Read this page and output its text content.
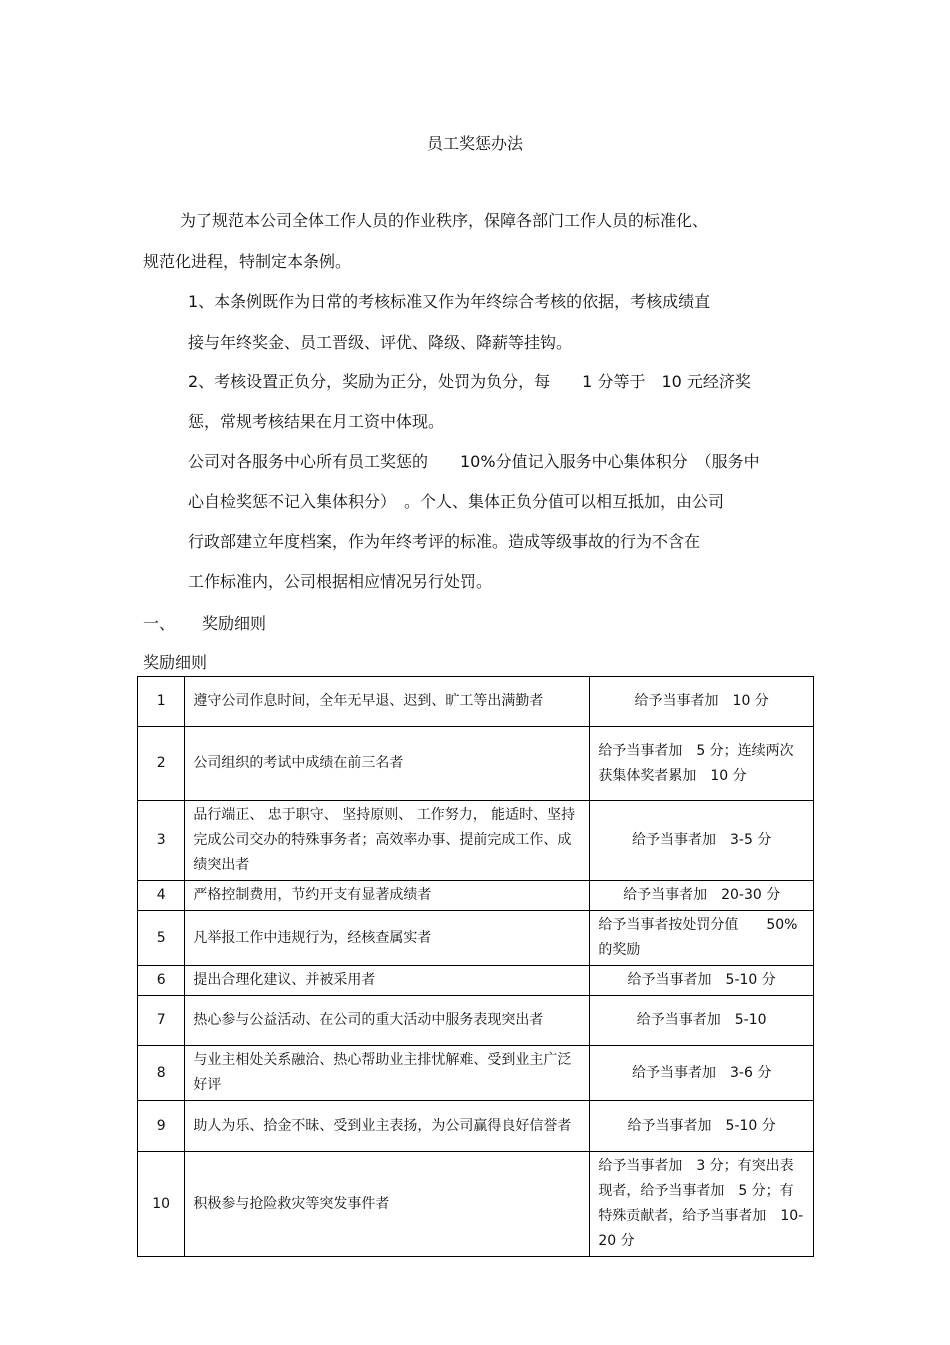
员工奖惩办法
为了规范本公司全体工作人员的作业秩序，保障各部门工作人员的标准化、
规范化进程，特制定本条例。
1、本条例既作为日常的考核标准又作为年终综合考核的依据，考核成绩直
接与年终奖金、员工晋级、评优、降级、降薪等挂钩。
2、考核设置正负分，奖励为正分，处罚为负分，每　　1 分等于　10 元经济奖
惩，常规考核结果在月工资中体现。
公司对各服务中心所有员工奖惩的　　10%分值记入服务中心集体积分　（服务中
心自检奖惩不记入集体积分）　。个人、集体正负分值可以相互抵加，由公司
行政部建立年度档案，作为年终考评的标准。造成等级事故的行为不含在
工作标准内，公司根据相应情况另行处罚。
一、 奖励细则
奖励细则
1	遵守公司作息时间，全年无早退、迟到、旷工等出满勤者	给予当事者加　10 分
2	公司组织的考试中成绩在前三名者	给予当事者加　5 分；连续两次获集体奖者累加　10 分
3	品行端正、 忠于职守、 坚持原则、 工作努力， 能适时、坚持完成公司交办的特殊事务者；高效率办事、提前完成工作、成绩突出者	给予当事者加　3-5 分
4	严格控制费用，节约开支有显著成绩者	给予当事者加　20-30 分
5	凡举报工作中违规行为，经核查属实者	给予当事者按处罚分值　　50%的奖励
6	提出合理化建议、并被采用者	给予当事者加　5-10 分
7	热心参与公益活动、在公司的重大活动中服务表现突出者	给予当事者加　5-10
8	与业主相处关系融洽、热心帮助业主排忧解难、受到业主广泛好评	给予当事者加　3-6 分
9	助人为乐、拾金不昧、受到业主表扬，为公司赢得良好信誉者	给予当事者加　5-10 分
10	积极参与抢险救灾等突发事件者	给予当事者加　3 分；有突出表现者，给予当事者加　5 分；有特殊贡献者，给予当事者加　10-20 分
